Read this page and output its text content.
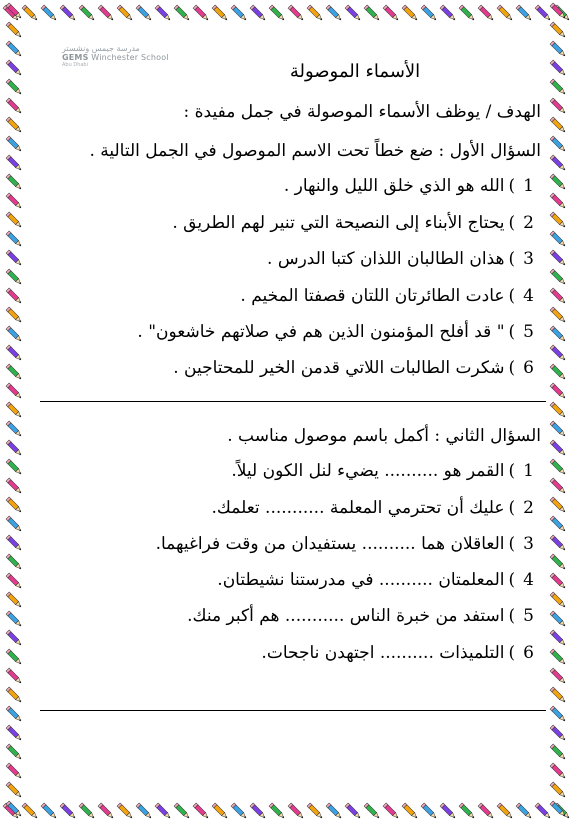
مدرسة جيمس ونشستر
GEMS Winchester School
Abu Dhabi	الأسماء الموصولة
الهدف / يوظف الأسماء الموصولة في جمل مفيدة :
السؤال الأول : ضع خطاً تحت الاسم الموصول في الجمل التالية .
1)الله هو الذي خلق الليل والنهار .
2)يحتاج الأبناء إلى النصيحة التي تنير لهم الطريق .
3)هذان الطالبان اللذان كتبا الدرس .
4)عادت الطائرتان اللتان قصفتا المخيم .
5)" قد أفلح المؤمنون الذين هم في صلاتهم خاشعون" .
6)شكرت الطالبات اللاتي قدمن الخير للمحتاجين .
السؤال الثاني : أكمل باسم موصول مناسب .
1)القمر هو .......... يضيء لنل الكون ليلاً.
2)عليك أن تحترمي المعلمة ........... تعلمك.
3)العاقلان هما .......... يستفيدان من وقت فراغيهما.
4)المعلمتان .......... في مدرستنا نشيطتان.
5)استفد من خبرة الناس ........... هم أكبر منك.
6)التلميذات .......... اجتهدن ناجحات.
